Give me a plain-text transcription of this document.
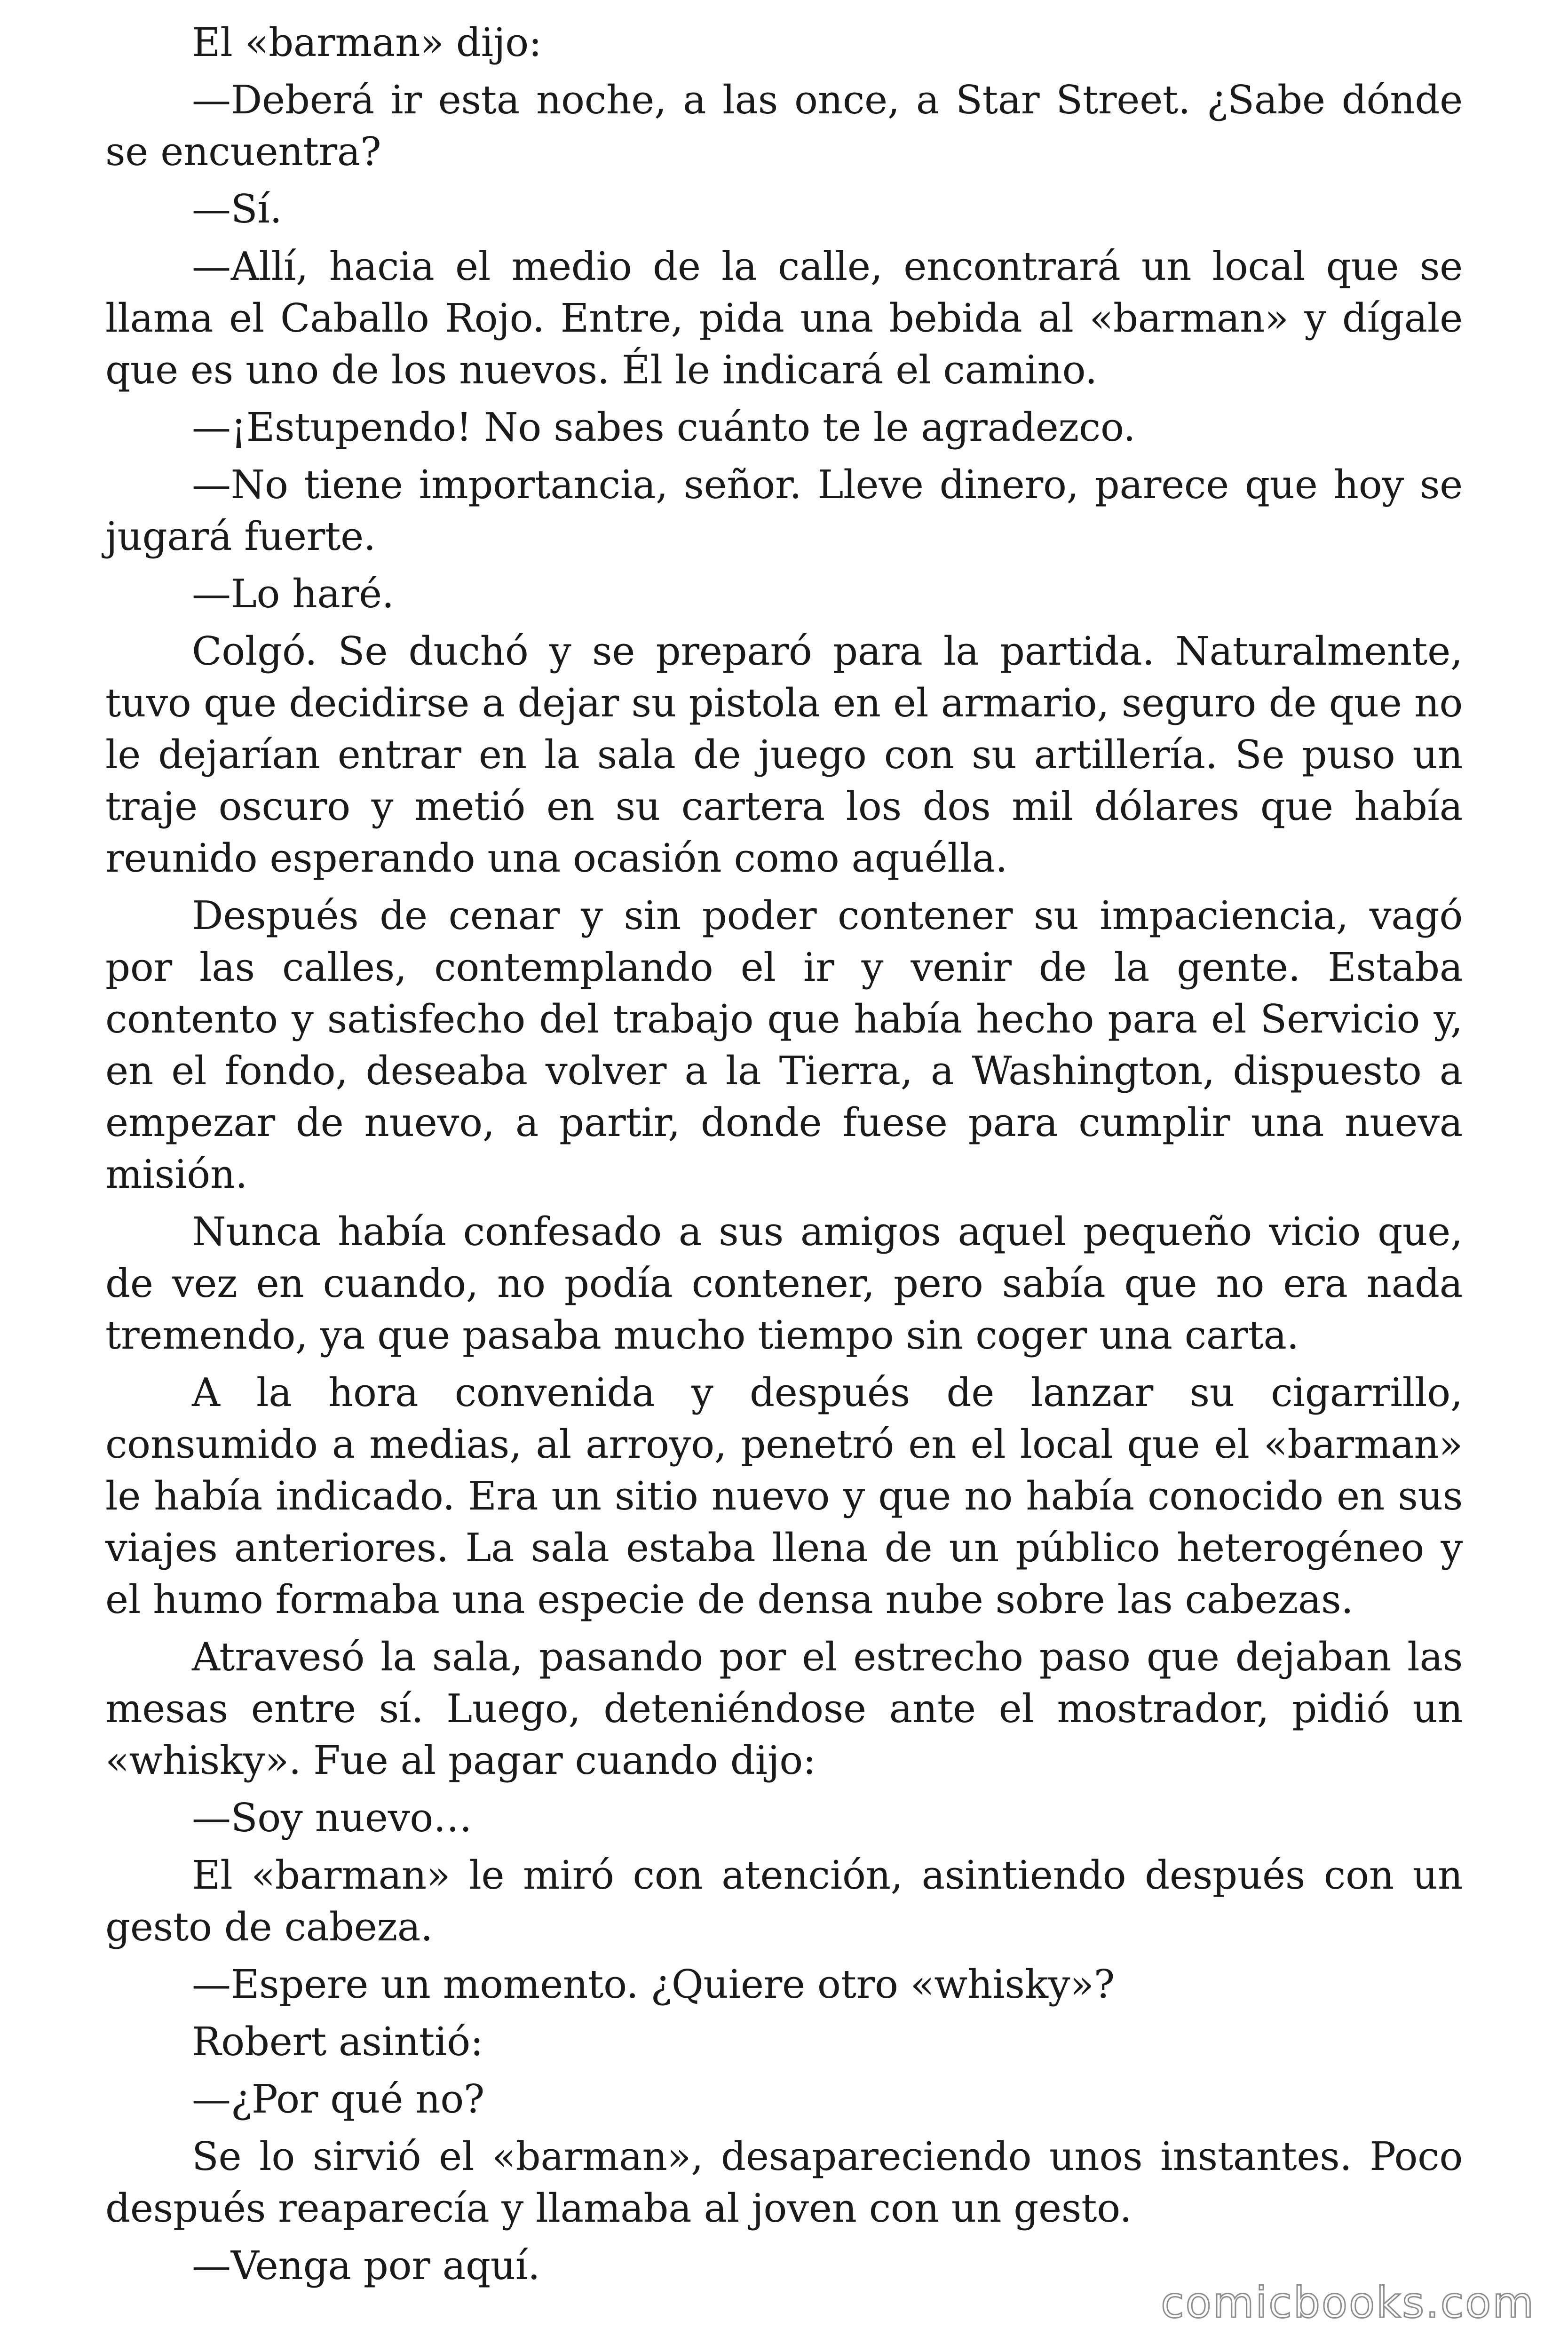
El «barman» dijo:

—Deberá ir esta noche, a las once, a Star Street. ¿Sabe dónde se encuentra?

—Sí.

—Allí, hacia el medio de la calle, encontrará un local que se llama el Caballo Rojo. Entre, pida una bebida al «barman» y dígale que es uno de los nuevos. Él le indicará el camino.

—¡Estupendo! No sabes cuánto te le agradezco.

—No tiene importancia, señor. Lleve dinero, parece que hoy se jugará fuerte.

—Lo haré.

Colgó. Se duchó y se preparó para la partida. Naturalmente, tuvo que decidirse a dejar su pistola en el armario, seguro de que no le dejarían entrar en la sala de juego con su artillería. Se puso un traje oscuro y metió en su cartera los dos mil dólares que había reunido esperando una ocasión como aquélla.

Después de cenar y sin poder contener su impaciencia, vagó por las calles, contemplando el ir y venir de la gente. Estaba contento y satisfecho del trabajo que había hecho para el Servicio y, en el fondo, deseaba volver a la Tierra, a Washington, dispuesto a empezar de nuevo, a partir, donde fuese para cumplir una nueva misión.

Nunca había confesado a sus amigos aquel pequeño vicio que, de vez en cuando, no podía contener, pero sabía que no era nada tremendo, ya que pasaba mucho tiempo sin coger una carta.

A la hora convenida y después de lanzar su cigarrillo, consumido a medias, al arroyo, penetró en el local que el «barman» le había indicado. Era un sitio nuevo y que no había conocido en sus viajes anteriores. La sala estaba llena de un público heterogéneo y el humo formaba una especie de densa nube sobre las cabezas.

Atravesó la sala, pasando por el estrecho paso que dejaban las mesas entre sí. Luego, deteniéndose ante el mostrador, pidió un «whisky». Fue al pagar cuando dijo:

—Soy nuevo…

El «barman» le miró con atención, asintiendo después con un gesto de cabeza.

—Espere un momento. ¿Quiere otro «whisky»?

Robert asintió:

—¿Por qué no?

Se lo sirvió el «barman», desapareciendo unos instantes. Poco después reaparecía y llamaba al joven con un gesto.

—Venga por aquí.

comicbooks.com
